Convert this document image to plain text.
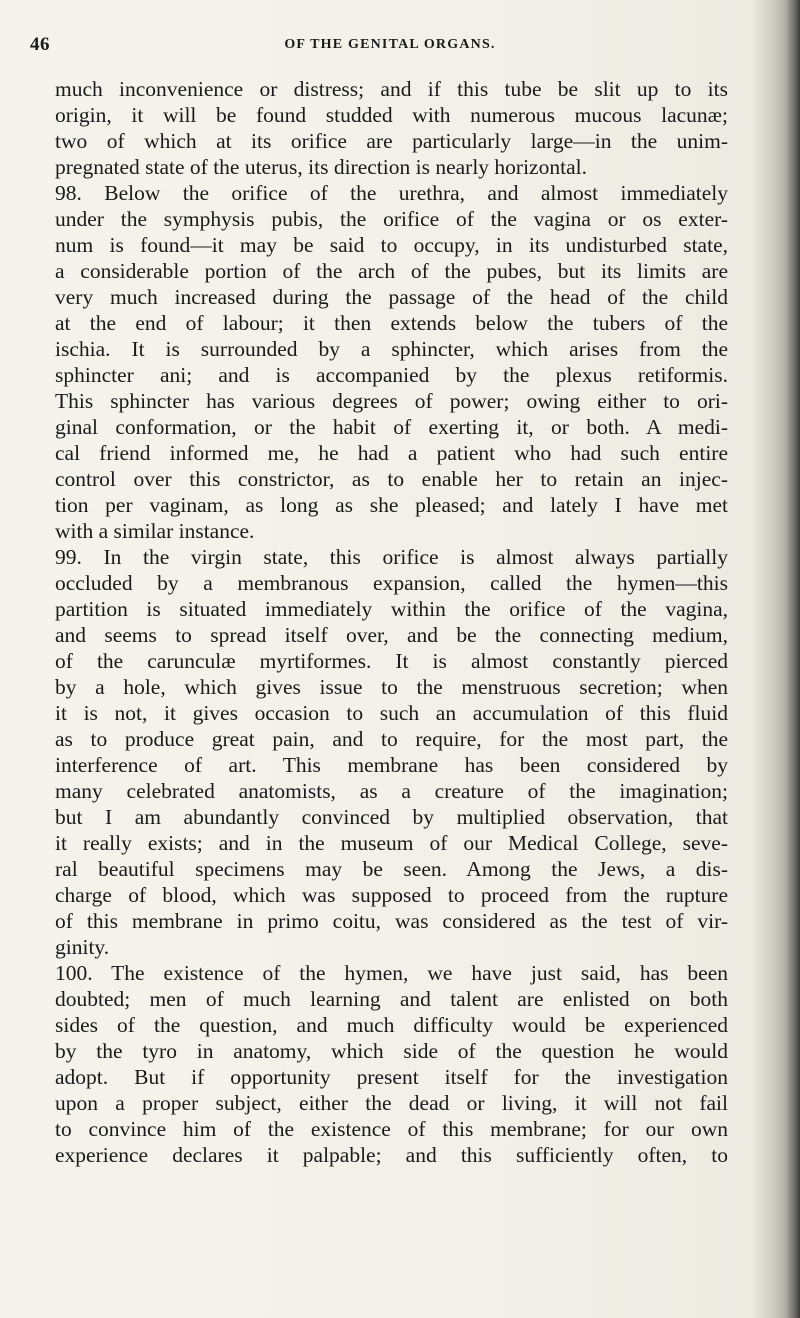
46	OF THE GENITAL ORGANS.
much inconvenience or distress; and if this tube be slit up to its
origin, it will be found studded with numerous mucous lacunæ;
two of which at its orifice are particularly large—in the unim-
pregnated state of the uterus, its direction is nearly horizontal.
98. Below the orifice of the urethra, and almost immediately
under the symphysis pubis, the orifice of the vagina or os exter-
num is found—it may be said to occupy, in its undisturbed state,
a considerable portion of the arch of the pubes, but its limits are
very much increased during the passage of the head of the child
at the end of labour; it then extends below the tubers of the
ischia. It is surrounded by a sphincter, which arises from the
sphincter ani; and is accompanied by the plexus retiformis.
This sphincter has various degrees of power; owing either to ori-
ginal conformation, or the habit of exerting it, or both. A medi-
cal friend informed me, he had a patient who had such entire
control over this constrictor, as to enable her to retain an injec-
tion per vaginam, as long as she pleased; and lately I have met
with a similar instance.
99. In the virgin state, this orifice is almost always partially
occluded by a membranous expansion, called the hymen—this
partition is situated immediately within the orifice of the vagina,
and seems to spread itself over, and be the connecting medium,
of the carunculæ myrtiformes. It is almost constantly pierced
by a hole, which gives issue to the menstruous secretion; when
it is not, it gives occasion to such an accumulation of this fluid
as to produce great pain, and to require, for the most part, the
interference of art. This membrane has been considered by
many celebrated anatomists, as a creature of the imagination;
but I am abundantly convinced by multiplied observation, that
it really exists; and in the museum of our Medical College, seve-
ral beautiful specimens may be seen. Among the Jews, a dis-
charge of blood, which was supposed to proceed from the rupture
of this membrane in primo coitu, was considered as the test of vir-
ginity.
100. The existence of the hymen, we have just said, has been
doubted; men of much learning and talent are enlisted on both
sides of the question, and much difficulty would be experienced
by the tyro in anatomy, which side of the question he would
adopt. But if opportunity present itself for the investigation
upon a proper subject, either the dead or living, it will not fail
to convince him of the existence of this membrane; for our own
experience declares it palpable; and this sufficiently often, to
